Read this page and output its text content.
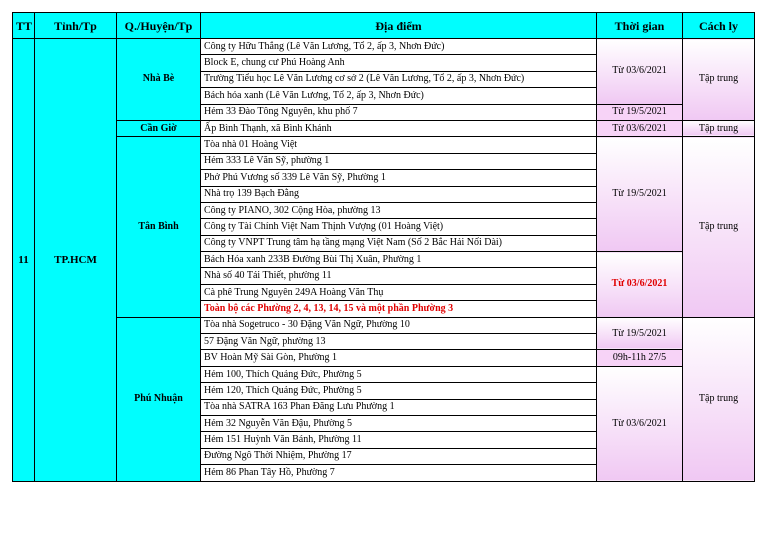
TT	Tỉnh/Tp	Q./Huyện/Tp	Địa điểm	Thời gian	Cách ly
11	TP.HCM	Nhà Bè	Công ty Hữu Thắng (Lê Văn Lương, Tổ 2, ấp 3, Nhơn Đức)	Từ 03/6/2021	Tập trung
			Block E, chung cư Phú Hoàng Anh		
			Trường Tiểu học Lê Văn Lương cơ sở 2 (Lê Văn Lương, Tổ 2, ấp 3, Nhơn Đức)		
			Bách hóa xanh (Lê Văn Lương, Tổ 2, ấp 3, Nhơn Đức)		
			Hẻm 33 Đào Tông Nguyên, khu phố 7	Từ 19/5/2021	
		Cần Giờ	Ấp Bình Thạnh, xã Bình Khánh	Từ 03/6/2021	Tập trung
		Tân Bình	Tòa nhà 01 Hoàng Việt	Từ 19/5/2021	Tập trung
			Hẻm 333 Lê Văn Sỹ, phường 1		
			Phở Phú Vương số 339 Lê Văn Sỹ, Phường 1		
			Nhà trọ 139 Bạch Đằng		
			Công ty PIANO, 302 Cộng Hòa, phường 13		
			Công ty Tài Chính Việt Nam Thịnh Vượng (01 Hoàng Việt)		
			Công ty VNPT Trung tâm hạ tầng mạng Việt Nam (Số 2 Bắc Hải Nối Dài)		
			Bách Hóa xanh 233B Đường Bùi Thị Xuân, Phường 1	Từ 03/6/2021	
			Nhà số 40 Tái Thiết, phường 11		
			Cà phê Trung Nguyên 249A Hoàng Văn Thụ		
			Toàn bộ các Phường 2, 4, 13, 14, 15 và một phần Phường 3		
		Phú Nhuận	Tòa nhà Sogetruco - 30 Đặng Văn Ngữ, Phường 10	Từ 19/5/2021	Tập trung
			57 Đặng Văn Ngữ, phường 13		
			BV Hoàn Mỹ Sài Gòn, Phường 1	09h-11h 27/5	
			Hẻm 100, Thích Quảng Đức, Phường 5	Từ 03/6/2021	
			Hẻm 120, Thích Quảng Đức, Phường 5		
			Tòa nhà SATRA 163 Phan Đăng Lưu Phường 1		
			Hẻm 32 Nguyễn Văn Đậu, Phường 5		
			Hẻm 151 Huỳnh Văn Bánh, Phường 11		
			Đường Ngô Thời Nhiệm, Phường 17		
			Hẻm 86 Phan Tây Hồ, Phường 7		
